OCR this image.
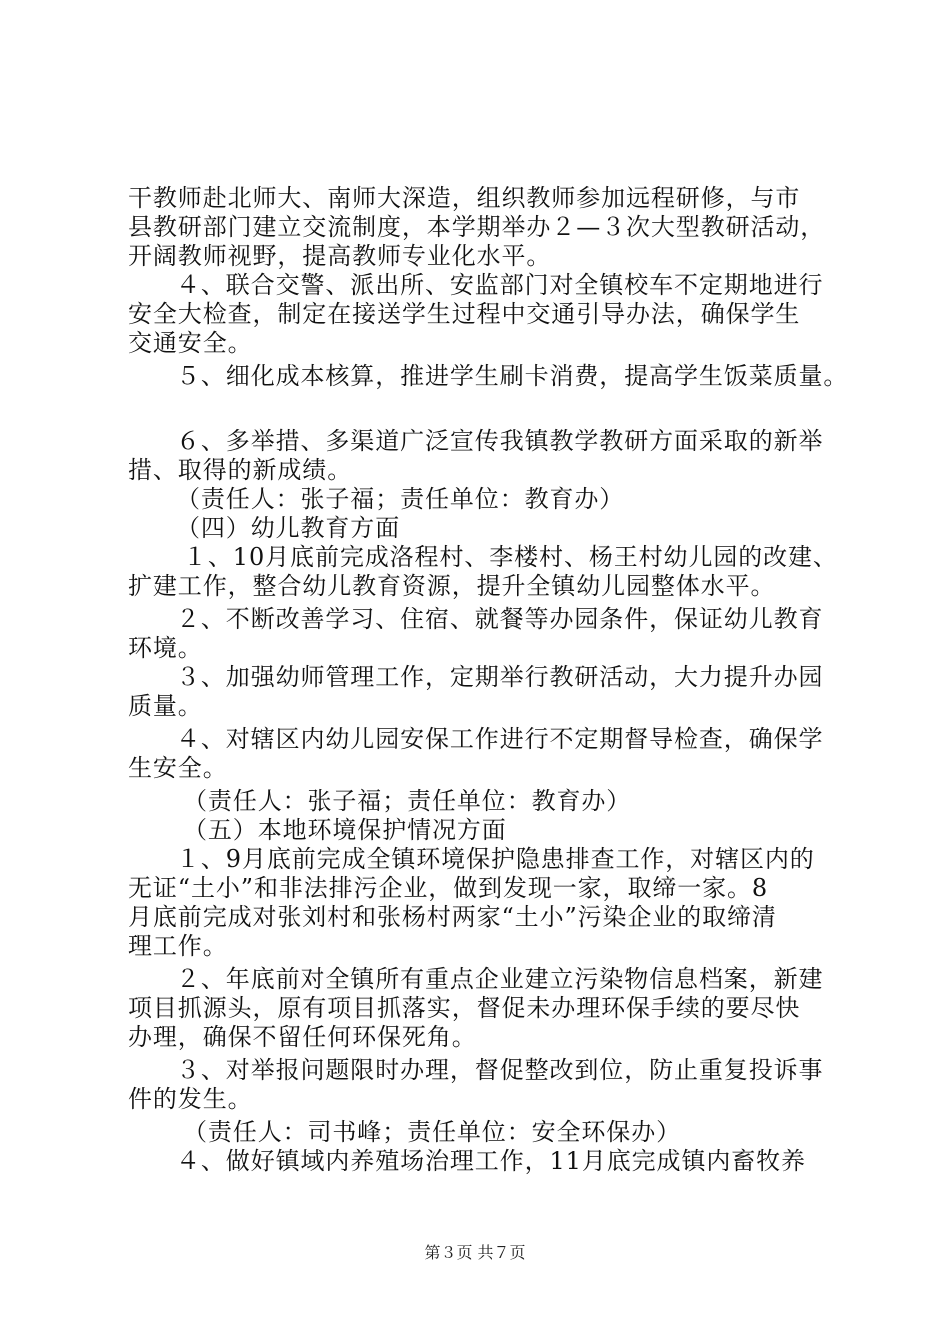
干教师赴北师大、南师大深造，组织教师参加远程研修，与市
县教研部门建立交流制度，本学期举办２—３次大型教研活动，
开阔教师视野，提高教师专业化水平。
４、联合交警、派出所、安监部门对全镇校车不定期地进行
安全大检查，制定在接送学生过程中交通引导办法，确保学生
交通安全。
５、细化成本核算，推进学生刷卡消费，提高学生饭菜质量。
６、多举措、多渠道广泛宣传我镇教学教研方面采取的新举
措、取得的新成绩。
（责任人：张子福；责任单位：教育办）
（四）幼儿教育方面
１、10月底前完成洛程村、李楼村、杨王村幼儿园的改建、
扩建工作，整合幼儿教育资源，提升全镇幼儿园整体水平。
２、不断改善学习、住宿、就餐等办园条件，保证幼儿教育
环境。
３、加强幼师管理工作，定期举行教研活动，大力提升办园
质量。
４、对辖区内幼儿园安保工作进行不定期督导检查，确保学
生安全。
（责任人：张子福；责任单位：教育办）
（五）本地环境保护情况方面
１、9月底前完成全镇环境保护隐患排查工作，对辖区内的
无证“土小”和非法排污企业，做到发现一家，取缔一家。8
月底前完成对张刘村和张杨村两家“土小”污染企业的取缔清
理工作。
２、年底前对全镇所有重点企业建立污染物信息档案，新建
项目抓源头，原有项目抓落实，督促未办理环保手续的要尽快
办理，确保不留任何环保死角。
３、对举报问题限时办理，督促整改到位，防止重复投诉事
件的发生。
（责任人：司书峰；责任单位：安全环保办）
４、做好镇域内养殖场治理工作，11月底完成镇内畜牧养
第３页 共７页
